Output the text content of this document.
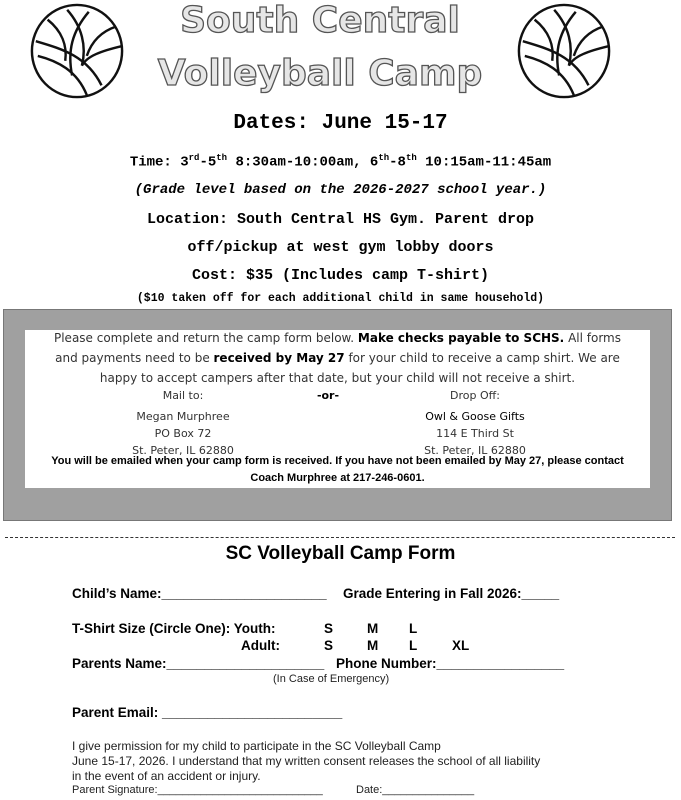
South Central
Volleyball Camp
Dates: June 15-17
Time: 3rd-5th 8:30am-10:00am, 6th-8th 10:15am-11:45am
(Grade level based on the 2026-2027 school year.)
Location: South Central HS Gym. Parent drop
off/pickup at west gym lobby doors
Cost: $35 (Includes camp T-shirt)
($10 taken off for each additional child in same household)
Please complete and return the camp form below. Make checks payable to SCHS. All forms
and payments need to be received by May 27 for your child to receive a camp shirt. We are
happy to accept campers after that date, but your child will not receive a shirt.
Mail to:
Megan Murphree
PO Box 72
St. Peter, IL 62880
-or-	Drop Off:
Owl & Goose Gifts
114 E Third St
St. Peter, IL 62880
You will be emailed when your camp form is received. If you have not been emailed by May 27, please contact
Coach Murphree at 217-246-0601.
SC Volleyball Camp Form
Child’s Name:______________________ Grade Entering in Fall 2026:_____
T-Shirt Size (Circle One): Youth:	S	M L
Adult:	S	M L	XL
Parents Name:_____________________ Phone Number:_________________
(In Case of Emergency)
Parent Email: ________________________
I give permission for my child to participate in the SC Volleyball Camp
June 15-17, 2026. I understand that my written consent releases the school of all liability
in the event of an accident or injury.
Parent Signature:___________________________	Date:_______________
